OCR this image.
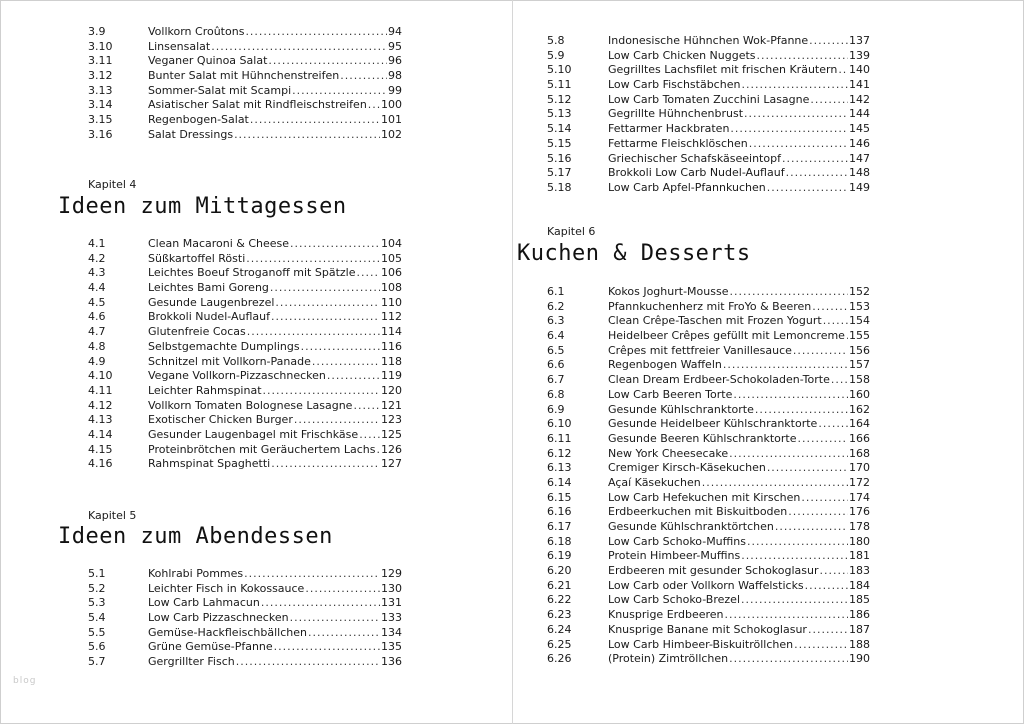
3.9	Vollkorn Croûtons .....	94
3.10	Linsensalat .....	95
3.11	Veganer Quinoa Salat .....	96
3.12	Bunter Salat mit Hühnchenstreifen .....	98
3.13	Sommer-Salat mit Scampi .....	99
3.14	Asiatischer Salat mit Rindfleischstreifen ..... 100
3.15	Regenbogen-Salat .....	101
3.16	Salat Dressings .....	102
Kapitel 4
Ideen zum Mittagessen
4.1	Clean Macaroni & Cheese .....	104
4.2	Süßkartoffel Rösti .....	105
4.3	Leichtes Boeuf Stroganoff mit Spätzle ..... 106
4.4	Leichtes Bami Goreng .....	108
4.5	Gesunde Laugenbrezel .....	110
4.6	Brokkoli Nudel-Auflauf .....	112
4.7	Glutenfreie Cocas .....	114
4.8	Selbstgemachte Dumplings .....	116
4.9	Schnitzel mit Vollkorn-Panade .....	118
4.10	Vegane Vollkorn-Pizzaschnecken .....	119
4.11	Leichter Rahmspinat .....	120
4.12	Vollkorn Tomaten Bolognese Lasagne .....	121
4.13	Exotischer Chicken Burger .....	123
4.14	Gesunder Laugenbagel mit Frischkäse ..... 125
4.15	Proteinbrötchen mit Geräuchertem Lachs ..... 126
4.16	Rahmspinat Spaghetti .....	127
Kapitel 5
Ideen zum Abendessen
5.1	Kohlrabi Pommes .....	129
5.2	Leichter Fisch in Kokossauce .....	130
5.3	Low Carb Lahmacun .....	131
5.4	Low Carb Pizzaschnecken .....	133
5.5	Gemüse-Hackfleischbällchen .....	134
5.6	Grüne Gemüse-Pfanne .....	135
5.7	Gergrillter Fisch .....	136
blog
5.8	Indonesische Hühnchen Wok-Pfanne .....	137
5.9	Low Carb Chicken Nuggets .....	139
5.10	Gegrilltes Lachsfilet mit frischen Kräutern ..... 140
5.11	Low Carb Fischstäbchen .....	141
5.12	Low Carb Tomaten Zucchini Lasagne .....	142
5.13	Gegrillte Hühnchenbrust .....	144
5.14	Fettarmer Hackbraten .....	145
5.15	Fettarme Fleischklöschen .....	146
5.16	Griechischer Schafskäseeintopf .....	147
5.17	Brokkoli Low Carb Nudel-Auflauf .....	148
5.18	Low Carb Apfel-Pfannkuchen .....	149
Kapitel 6
Kuchen & Desserts
6.1	Kokos Joghurt-Mousse .....	152
6.2	Pfannkuchenherz mit FroYo & Beeren .....	153
6.3	Clean Crêpe-Taschen mit Frozen Yogurt ..... 154
6.4	Heidelbeer Crêpes gefüllt mit Lemoncreme ..... 155
6.5	Crêpes mit fettfreier Vanillesauce .....	156
6.6	Regenbogen Waffeln .....	157
6.7	Clean Dream Erdbeer-Schokoladen-Torte ..... 158
6.8	Low Carb Beeren Torte .....	160
6.9	Gesunde Kühlschranktorte .....	162
6.10	Gesunde Heidelbeer Kühlschranktorte .....	164
6.11	Gesunde Beeren Kühlschranktorte .....	166
6.12	New York Cheesecake .....	168
6.13	Cremiger Kirsch-Käsekuchen .....	170
6.14	Açaí Käsekuchen .....	172
6.15	Low Carb Hefekuchen mit Kirschen .....	174
6.16	Erdbeerkuchen mit Biskuitboden .....	176
6.17	Gesunde Kühlschranktörtchen .....	178
6.18	Low Carb Schoko-Muffins .....	180
6.19	Protein Himbeer-Muffins .....	181
6.20	Erdbeeren mit gesunder Schokoglasur .....	183
6.21	Low Carb oder Vollkorn Waffelsticks .....	184
6.22	Low Carb Schoko-Brezel .....	185
6.23	Knusprige Erdbeeren .....	186
6.24	Knusprige Banane mit Schokoglasur .....	187
6.25	Low Carb Himbeer-Biskuitröllchen .....	188
6.26	(Protein) Zimtröllchen .....	190
